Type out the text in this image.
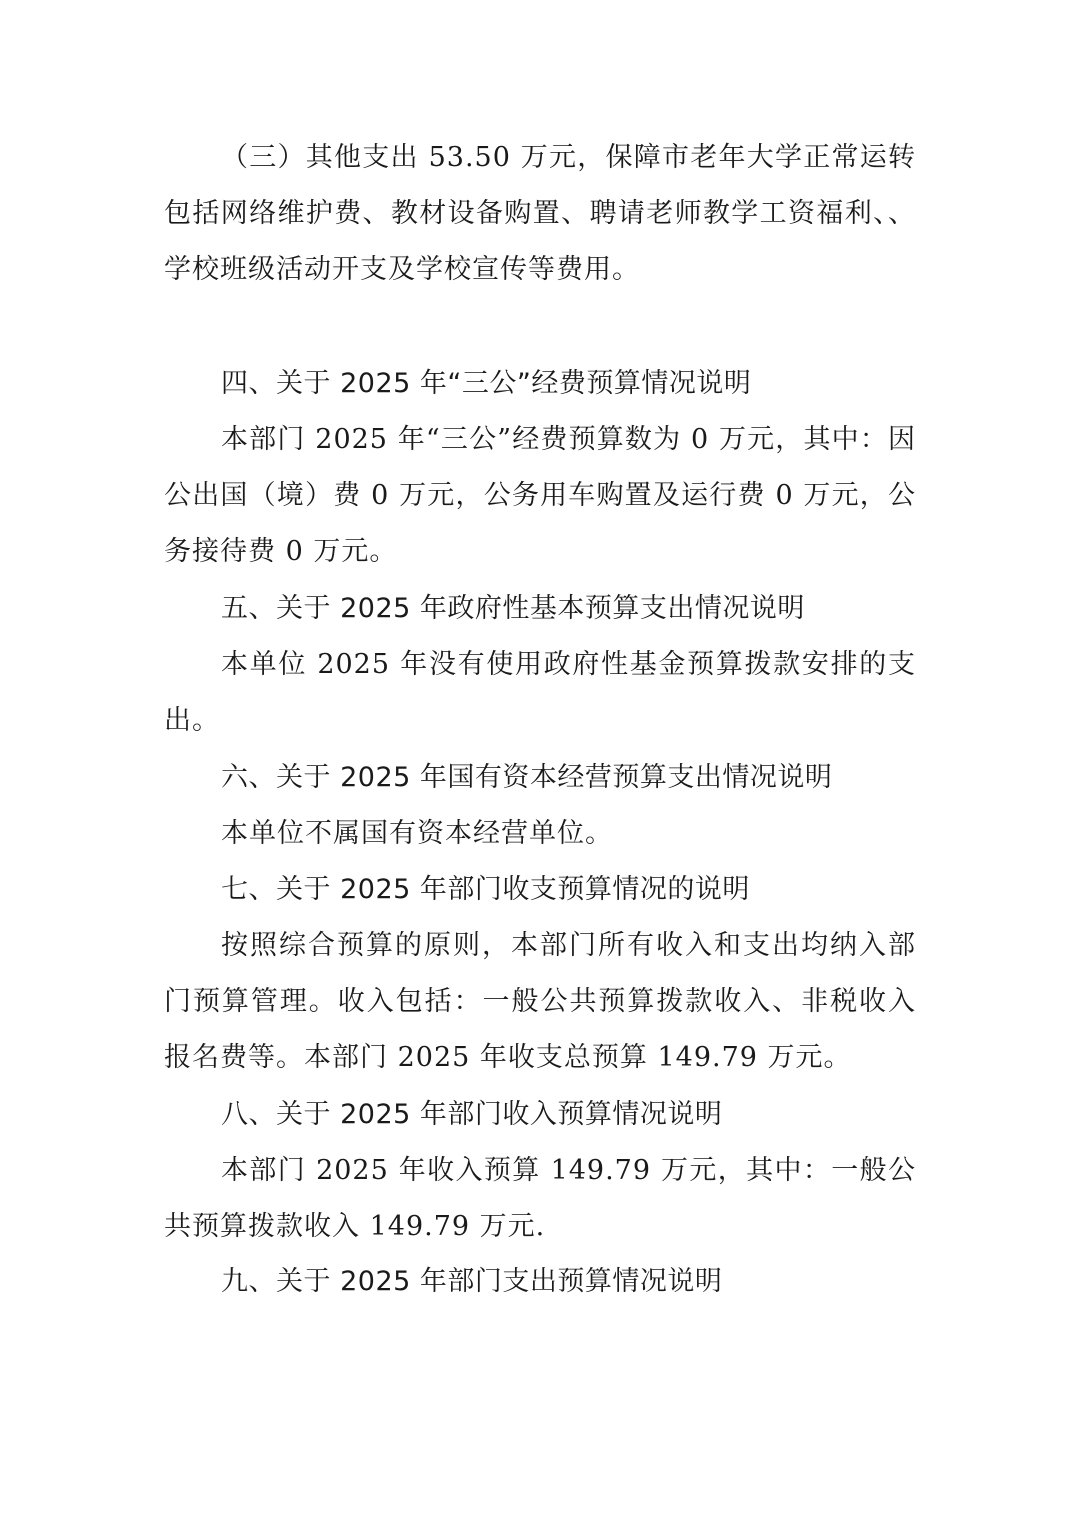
（三）其他支出 53.50 万元，保障市老年大学正常运转包括网络维护费、教材设备购置、聘请老师教学工资福利、、学校班级活动开支及学校宣传等费用。

四、关于 2025 年“三公”经费预算情况说明

本部门 2025 年“三公”经费预算数为 0 万元，其中：因公出国（境）费 0 万元，公务用车购置及运行费 0 万元，公务接待费 0 万元。

五、关于 2025 年政府性基本预算支出情况说明

本单位 2025 年没有使用政府性基金预算拨款安排的支出。

六、关于 2025 年国有资本经营预算支出情况说明

本单位不属国有资本经营单位。

七、关于 2025 年部门收支预算情况的说明

按照综合预算的原则，本部门所有收入和支出均纳入部门预算管理。收入包括：一般公共预算拨款收入、非税收入报名费等。本部门 2025 年收支总预算 149.79 万元。

八、关于 2025 年部门收入预算情况说明

本部门 2025 年收入预算 149.79 万元，其中：一般公共预算拨款收入 149.79 万元.

九、关于 2025 年部门支出预算情况说明
